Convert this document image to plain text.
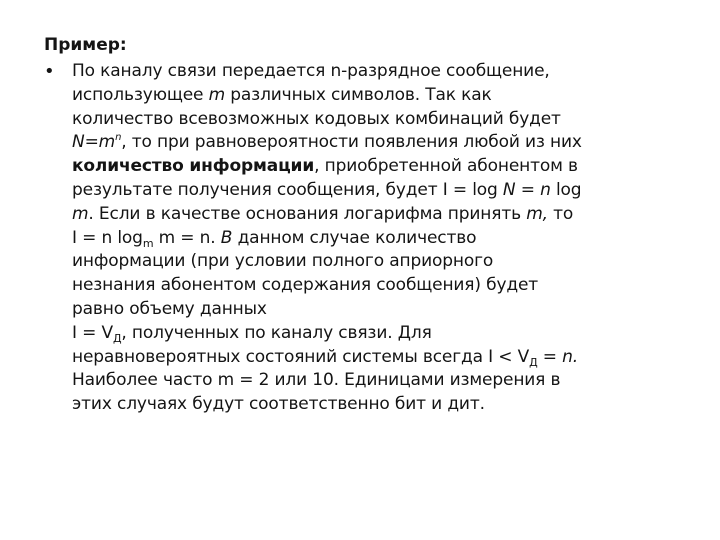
Пример:
• По каналу связи передается n-разрядное сообщение,
использующее m различных символов. Так как
количество всевозможных кодовых комбинаций будет
$N=m^n$, то при равновероятности появления любой из них
количество информации, приобретенной абонентом в
результате получения сообщения, будет I = log N = n log
m. Если в качестве основания логарифма принять m, то
I = n $\log_m m = n$. В данном случае количество
информации (при условии полного априорного
незнания абонентом содержания сообщения) будет
равно объему данных
$I = V_Д$, полученных по каналу связи. Для
неравновероятных состояний системы всегда $I < V_Д = n$.
Наиболее часто m = 2 или 10. Единицами измерения в
этих случаях будут соответственно бит и дит.
